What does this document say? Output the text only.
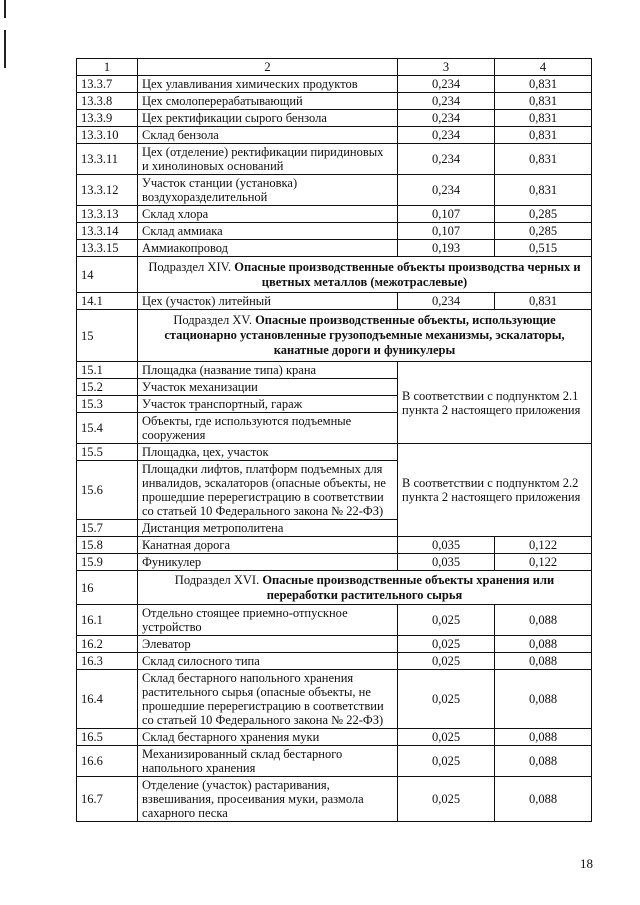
1	2	3	4
13.3.7	Цех улавливания химических продуктов	0,234	0,831
13.3.8	Цех смолоперерабатывающий	0,234	0,831
13.3.9	Цех ректификации сырого бензола	0,234	0,831
13.3.10	Склад бензола	0,234	0,831
13.3.11	Цех (отделение) ректификации пиридиновых и хинолиновых оснований	0,234	0,831
13.3.12	Участок станции (установка) воздухоразделительной	0,234	0,831
13.3.13	Склад хлора	0,107	0,285
13.3.14	Склад аммиака	0,107	0,285
13.3.15	Аммиакопровод	0,193	0,515
14	Подраздел XIV. Опасные производственные объекты производства черных и цветных металлов (межотраслевые)		
14.1	Цех (участок) литейный	0,234	0,831
15	Подраздел XV. Опасные производственные объекты, использующие стационарно установленные грузоподъемные механизмы, эскалаторы, канатные дороги и фуникулеры		
15.1	Площадка (название типа) крана	В соответствии с подпунктом 2.1 пункта 2 настоящего приложения	
15.2	Участок механизации		
15.3	Участок транспортный, гараж		
15.4	Объекты, где используются подъемные сооружения		
15.5	Площадка, цех, участок	В соответствии с подпунктом 2.2 пункта 2 настоящего приложения	
15.6	Площадки лифтов, платформ подъемных для инвалидов, эскалаторов (опасные объекты, не прошедшие перерегистрацию в соответствии со статьей 10 Федерального закона № 22-ФЗ)		
15.7	Дистанция метрополитена		
15.8	Канатная дорога	0,035	0,122
15.9	Фуникулер	0,035	0,122
16	Подраздел XVI. Опасные производственные объекты хранения или переработки растительного сырья		
16.1	Отдельно стоящее приемно-отпускное устройство	0,025	0,088
16.2	Элеватор	0,025	0,088
16.3	Склад силосного типа	0,025	0,088
16.4	Склад бестарного напольного хранения растительного сырья (опасные объекты, не прошедшие перерегистрацию в соответствии со статьей 10 Федерального закона № 22-ФЗ)	0,025	0,088
16.5	Склад бестарного хранения муки	0,025	0,088
16.6	Механизированный склад бестарного напольного хранения	0,025	0,088
16.7	Отделение (участок) растаривания, взвешивания, просеивания муки, размола сахарного песка	0,025	0,088
18
